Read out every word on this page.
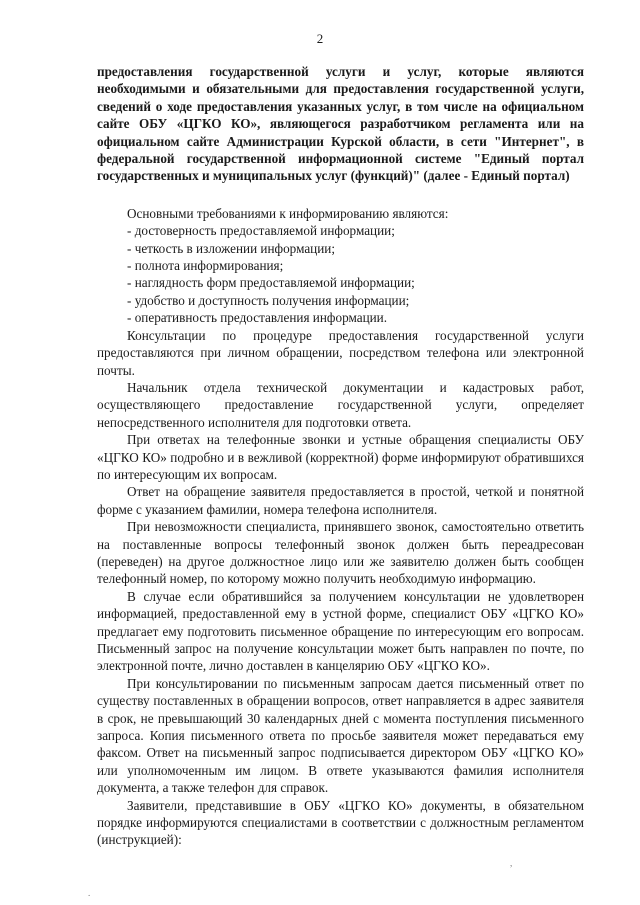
2

предоставления государственной услуги и услуг, которые являются необходимыми и обязательными для предоставления государственной услуги, сведений о ходе предоставления указанных услуг, в том числе на официальном сайте ОБУ «ЦГКО КО», являющегося разработчиком регламента или на официальном сайте Администрации Курской области, в сети "Интернет", в федеральной государственной информационной системе "Единый портал государственных и муниципальных услуг (функций)" (далее - Единый портал)

Основными требованиями к информированию являются:

- достоверность предоставляемой информации;

- четкость в изложении информации;

- полнота информирования;

- наглядность форм предоставляемой информации;

- удобство и доступность получения информации;

- оперативность предоставления информации.

Консультации по процедуре предоставления государственной услуги предоставляются при личном обращении, посредством телефона или электронной почты.

Начальник отдела технической документации и кадастровых работ, осуществляющего предоставление государственной услуги, определяет непосредственного исполнителя для подготовки ответа.

При ответах на телефонные звонки и устные обращения специалисты ОБУ «ЦГКО КО» подробно и в вежливой (корректной) форме информируют обратившихся по интересующим их вопросам.

Ответ на обращение заявителя предоставляется в простой, четкой и понятной форме с указанием фамилии, номера телефона исполнителя.

При невозможности специалиста, принявшего звонок, самостоятельно ответить на поставленные вопросы телефонный звонок должен быть переадресован (переведен) на другое должностное лицо или же заявителю должен быть сообщен телефонный номер, по которому можно получить необходимую информацию.

В случае если обратившийся за получением консультации не удовлетворен информацией, предоставленной ему в устной форме, специалист ОБУ «ЦГКО КО» предлагает ему подготовить письменное обращение по интересующим его вопросам. Письменный запрос на получение консультации может быть направлен по почте, по электронной почте, лично доставлен в канцелярию ОБУ «ЦГКО КО».

При консультировании по письменным запросам дается письменный ответ по существу поставленных в обращении вопросов, ответ направляется в адрес заявителя в срок, не превышающий 30 календарных дней с момента поступления письменного запроса. Копия письменного ответа по просьбе заявителя может передаваться ему факсом. Ответ на письменный запрос подписывается директором ОБУ «ЦГКО КО» или уполномоченным им лицом. В ответе указываются фамилия исполнителя документа, а также телефон для справок.

Заявители, представившие в ОБУ «ЦГКО КО» документы, в обязательном порядке информируются специалистами в соответствии с должностным регламентом (инструкцией):

,
.
